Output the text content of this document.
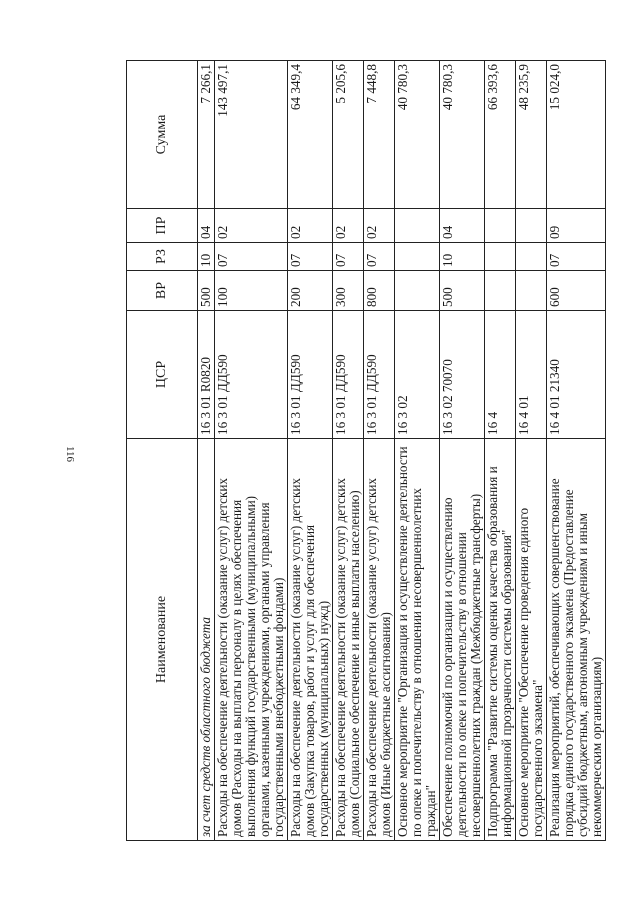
116
Наименование	ЦСР	ВР	РЗ	ПР	Сумма
за счет средств областного бюджета	16 3 01 R0820	500	10	04	7 266,1
Расходы на обеспечение деятельности (оказание услуг) детских домов (Расходы на выплаты персоналу в целях обеспечения выполнения функций государственными (муниципальными) органами, казенными учреждениями, органами управления государственными внебюджетными фондами)	16 3 01 ДД590	100	07	02	143 497,1
Расходы на обеспечение деятельности (оказание услуг) детских домов (Закупка товаров, работ и услуг для обеспечения государственных (муниципальных) нужд)	16 3 01 ДД590	200	07	02	64 349,4
Расходы на обеспечение деятельности (оказание услуг) детских домов (Социальное обеспечение и иные выплаты населению)	16 3 01 ДД590	300	07	02	5 205,6
Расходы на обеспечение деятельности (оказание услуг) детских домов (Иные бюджетные ассигнования)	16 3 01 ДД590	800	07	02	7 448,8
Основное мероприятие "Организация и осуществление деятельности по опеке и попечительству в отношении несовершеннолетних граждан"	16 3 02				40 780,3
Обеспечение полномочий по организации и осуществлению деятельности по опеке и попечительству в отношении несовершеннолетних граждан (Межбюджетные трансферты)	16 3 02 70070	500	10	04	40 780,3
Подпрограмма "Развитие системы оценки качества образования и информационной прозрачности системы образования"	16 4				66 393,6
Основное мероприятие "Обеспечение проведения единого государственного экзамена"	16 4 01				48 235,9
Реализация мероприятий, обеспечивающих совершенствование порядка единого государственного экзамена (Предоставление субсидий бюджетным, автономным учреждениям и иным некоммерческим организациям)	16 4 01 21340	600	07	09	15 024,0
